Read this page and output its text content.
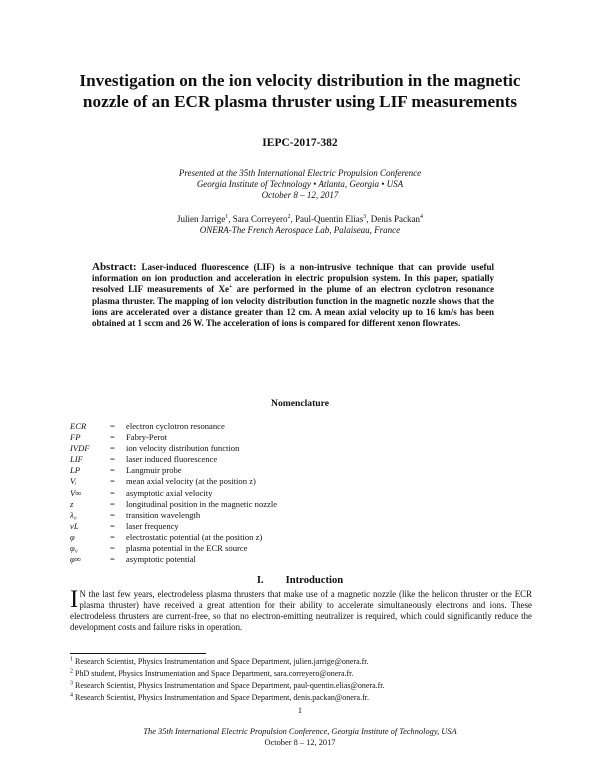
Investigation on the ion velocity distribution in the magnetic
nozzle of an ECR plasma thruster using LIF measurements
IEPC-2017-382
Presented at the 35th International Electric Propulsion Conference
Georgia Institute of Technology • Atlanta, Georgia • USA
October 8 – 12, 2017
Julien Jarrige$^1$, Sara Correyero$^2$, Paul-Quentin Elias$^3$, Denis Packan$^4$
ONERA-The French Aerospace Lab, Palaiseau, France
Abstract: Laser-induced fluorescence (LIF) is a non-intrusive technique that can provide useful information on ion production and acceleration in electric propulsion system. In this paper, spatially resolved LIF measurements of Xe+ are performed in the plume of an electron cyclotron resonance plasma thruster. The mapping of ion velocity distribution function in the magnetic nozzle shows that the ions are accelerated over a distance greater than 12 cm. A mean axial velocity up to 16 km/s has been obtained at 1 sccm and 26 W. The acceleration of ions is compared for different xenon flowrates.
Nomenclature
ECR	= electron cyclotron resonance
FP	= Fabry-Perot
IVDF = ion velocity distribution function
LIF	= laser induced fluorescence
LP	= Langmuir probe
Vᵢ	= mean axial velocity (at the position z)
V∞	= asymptotic axial velocity
z	= longitudinal position in the magnetic nozzle
λ₀	= transition wavelength
νL	= laser frequency
φ	= electrostatic potential (at the position z)
φ₀	= plasma potential in the ECR source
φ∞	= asymptotic potential
I. Introduction
I N the last few years, electrodeless plasma thrusters that make use of a magnetic nozzle (like the helicon thruster or the ECR plasma thruster) have received a great attention for their ability to accelerate simultaneously electrons and ions. These electrodeless thrusters are current-free, so that no electron-emitting neutralizer is required, which could significantly reduce the development costs and failure risks in operation.
$^1$ Research Scientist, Physics Instrumentation and Space Department, julien.jarrige@onera.fr.
$^2$ PhD student, Physics Instrumentation and Space Department, sara.correyero@onera.fr.
$^3$ Research Scientist, Physics Instrumentation and Space Department, paul-quentin.elias@onera.fr.
$^4$ Research Scientist, Physics Instrumentation and Space Department, denis.packan@onera.fr.
1
The 35th International Electric Propulsion Conference, Georgia Institute of Technology, USA
October 8 – 12, 2017
